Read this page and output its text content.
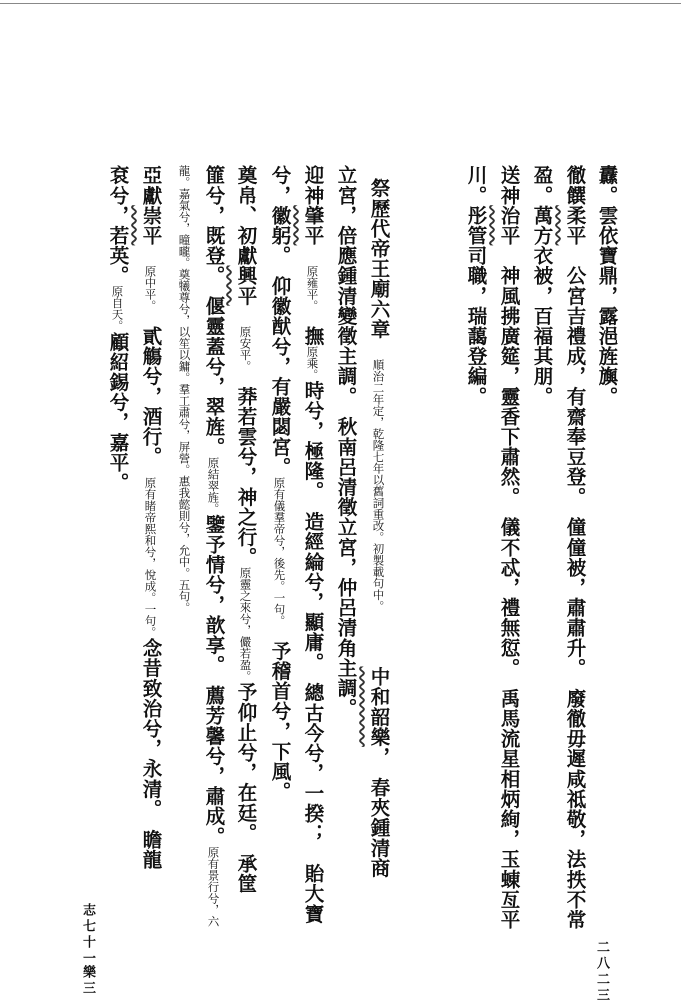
纛。雲依寶鼎，露浥旌旟。
徹饌柔平　公宮吉禮成，有齋奉豆登。　僮僮被，肅肅升。　廢徹毋遲咸祗敬，法抶不常
盈。萬方衣被，百福其朋。
送神治平　神風拂廣筵，靈香下肅然。　儀不忒，禮無愆。　禹馬流星相炳絢，玉蝀亙平
川。彤管司職，瑞藹登編。
祭歷代帝王廟六章　順治二年定，乾隆七年以舊詞重改。初製載句中。　　　中和韶樂，　春夾鍾清商
立宮，倍應鍾清變徵主調。　秋南呂清徵立宮，仲呂清角主調。
迎神肇平　原雍平。　撫原乘。時兮，極隆。　造經綸兮，顯庸。　總古今兮，一揆；　貽大寶
兮，徽躬。　仰徽猷兮，有嚴閟宮。原有儀羣帝兮，後先。一句。　予稽首兮，下風。
奠帛、初獻興平　原安平。　莽若雲兮，神之行。原靈之來兮，儼若盈。予仰止兮，在廷。　承筐
篚兮，既登。　偃靈蓋兮，翠旌。原結翠旌。鑒予情兮，歆享。　薦芳馨兮，肅成。原有景行兮，六
龍。嘉氣兮，曈曨。奠犧尊兮，以笙以鏞。羣工肅兮，屏營。惠我懿則兮，允中。五句。
亞獻崇平　原中平。　貳觴兮，酒行。　原有睹帝熙和兮，悅成。一句。念昔致治兮，永清。　瞻龍
袞兮，若英。原自天。顧紹錫兮，嘉平。
志七十一
樂三	二八二三
